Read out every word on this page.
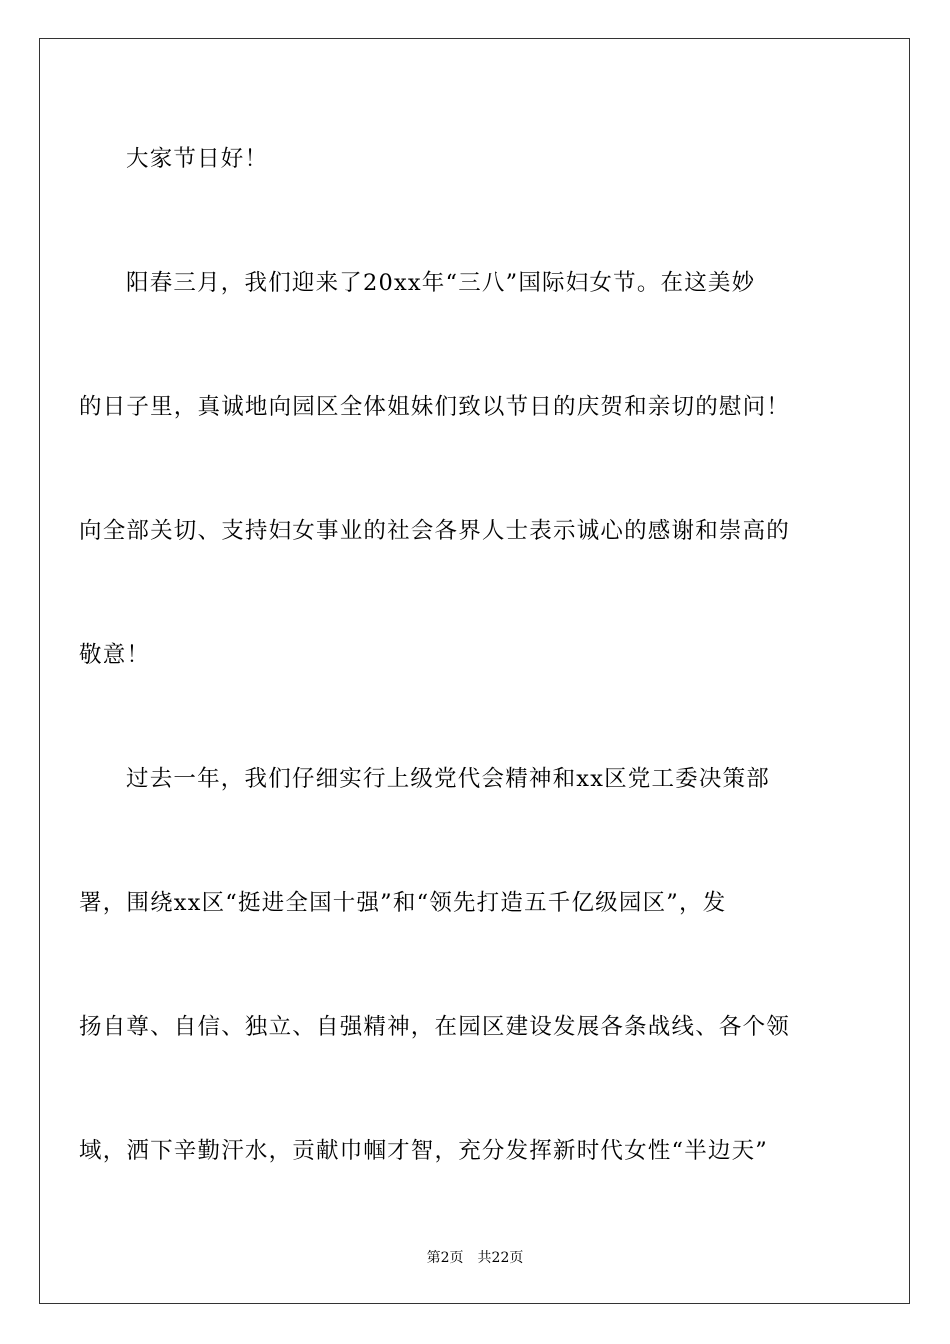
大家节日好！
阳春三月，我们迎来了20xx年“三八”国际妇女节。在这美妙
的日子里，真诚地向园区全体姐妹们致以节日的庆贺和亲切的慰问！
向全部关切、支持妇女事业的社会各界人士表示诚心的感谢和崇高的
敬意！
过去一年，我们仔细实行上级党代会精神和xx区党工委决策部
署，围绕xx区“挺进全国十强”和“领先打造五千亿级园区”，发
扬自尊、自信、独立、自强精神，在园区建设发展各条战线、各个领
域，洒下辛勤汗水，贡献巾帼才智，充分发挥新时代女性“半边天”
第2页　共22页
